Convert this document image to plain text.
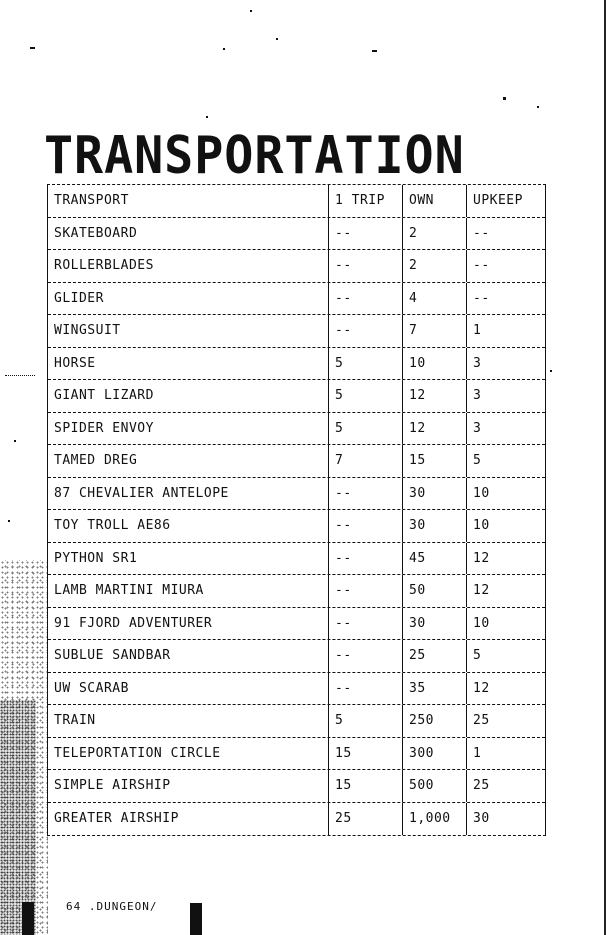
TRANSPORTATION
TRANSPORT	1 TRIP	OWN	UPKEEP
SKATEBOARD	--	2	--
ROLLERBLADES	--	2	--
GLIDER	--	4	--
WINGSUIT	--	7	1
HORSE	5	10	3
GIANT LIZARD	5	12	3
SPIDER ENVOY	5	12	3
TAMED DREG	7	15	5
87 CHEVALIER ANTELOPE	--	30	10
TOY TROLL AE86	--	30	10
PYTHON SR1	--	45	12
LAMB MARTINI MIURA	--	50	12
91 FJORD ADVENTURER	--	30	10
SUBLUE SANDBAR	--	25	5
UW SCARAB	--	35	12
TRAIN	5	250	25
TELEPORTATION CIRCLE	15	300	1
SIMPLE AIRSHIP	15	500	25
GREATER AIRSHIP	25	1,000	30
64 .DUNGEON/
